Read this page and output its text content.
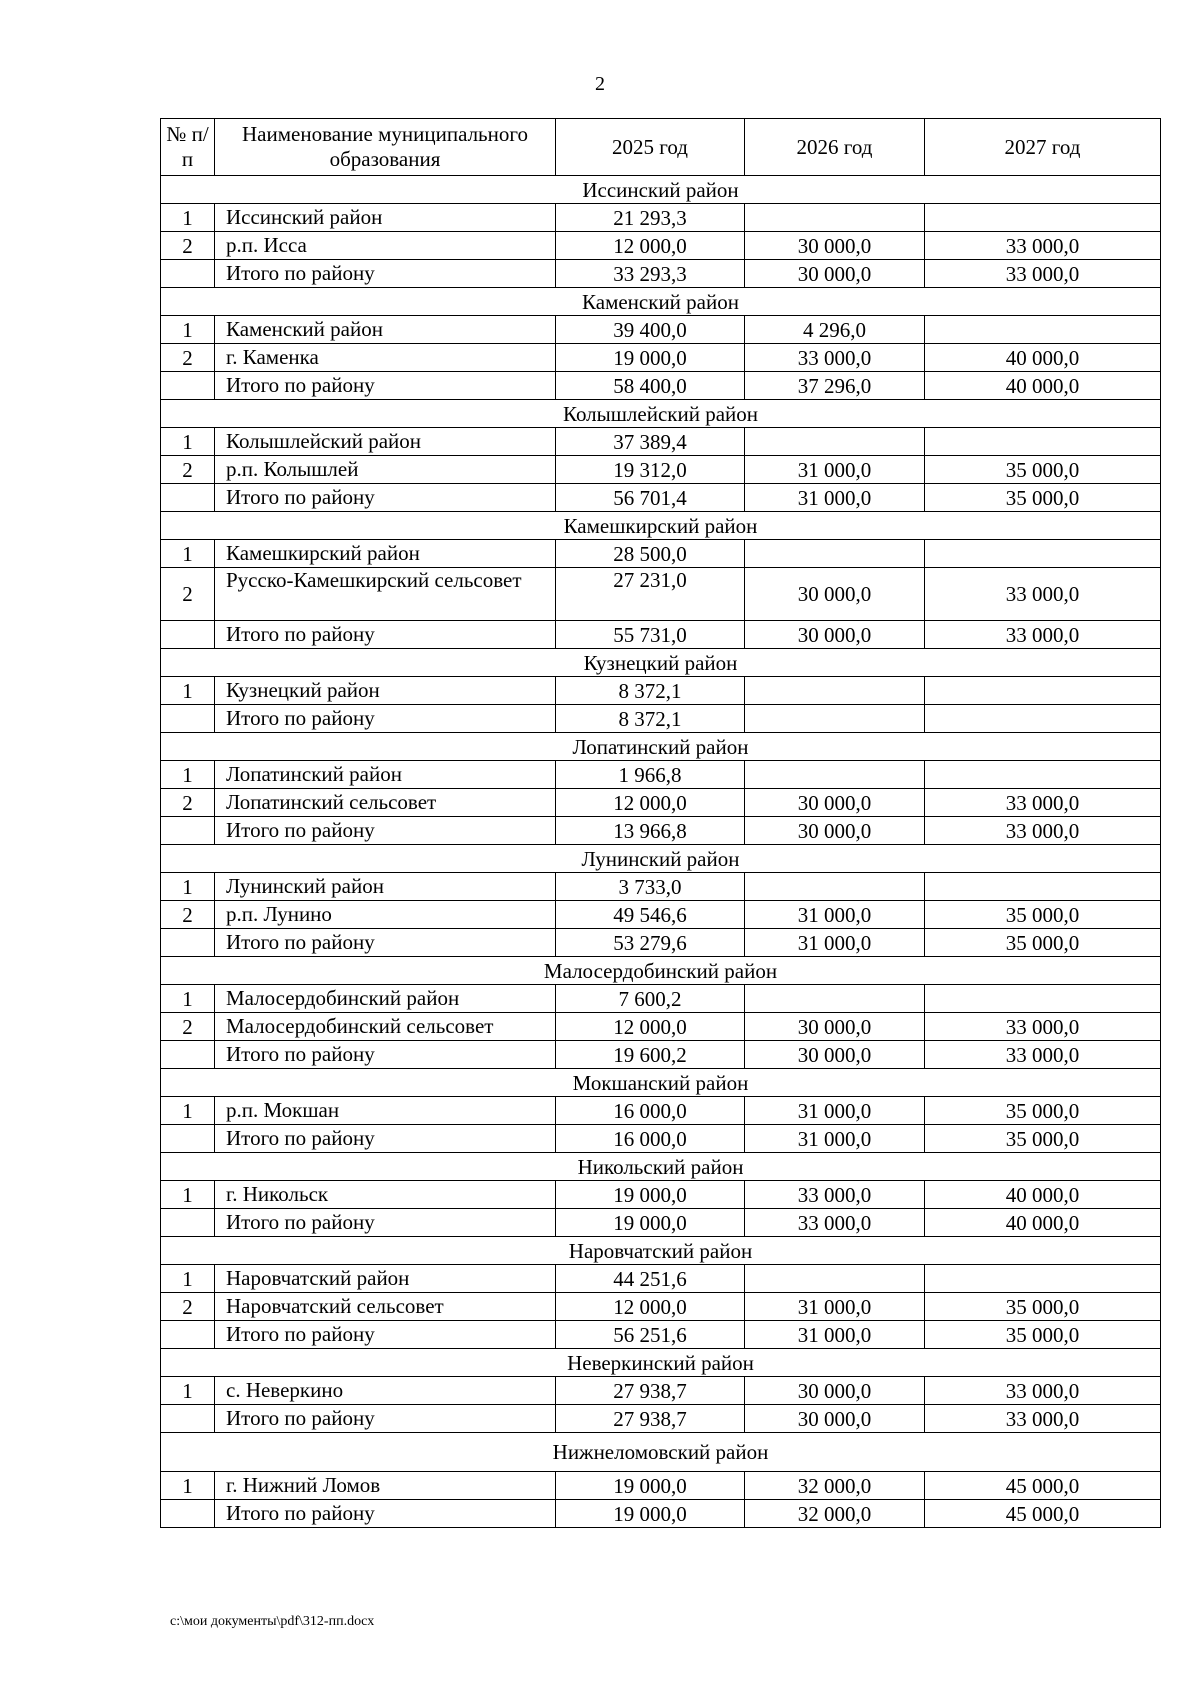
2
№ п/п	Наименование муниципального образования	2025 год	2026 год	2027 год
Иссинский район				
1	Иссинский район	21 293,3		
2	р.п. Исса	12 000,0	30 000,0	33 000,0
	Итого по району	33 293,3	30 000,0	33 000,0
Каменский район				
1	Каменский район	39 400,0	4 296,0	
2	г. Каменка	19 000,0	33 000,0	40 000,0
	Итого по району	58 400,0	37 296,0	40 000,0
Колышлейский район				
1	Колышлейский район	37 389,4		
2	р.п. Колышлей	19 312,0	31 000,0	35 000,0
	Итого по району	56 701,4	31 000,0	35 000,0
Камешкирский район				
1	Камешкирский район	28 500,0		
2	Русско-Камешкирский сельсовет	27 231,0	30 000,0	33 000,0
	Итого по району	55 731,0	30 000,0	33 000,0
Кузнецкий район				
1	Кузнецкий район	8 372,1		
	Итого по району	8 372,1		
Лопатинский район				
1	Лопатинский район	1 966,8		
2	Лопатинский сельсовет	12 000,0	30 000,0	33 000,0
	Итого по району	13 966,8	30 000,0	33 000,0
Лунинский район				
1	Лунинский район	3 733,0		
2	р.п. Лунино	49 546,6	31 000,0	35 000,0
	Итого по району	53 279,6	31 000,0	35 000,0
Малосердобинский район				
1	Малосердобинский район	7 600,2		
2	Малосердобинский сельсовет	12 000,0	30 000,0	33 000,0
	Итого по району	19 600,2	30 000,0	33 000,0
Мокшанский район				
1	р.п. Мокшан	16 000,0	31 000,0	35 000,0
	Итого по району	16 000,0	31 000,0	35 000,0
Никольский район				
1	г. Никольск	19 000,0	33 000,0	40 000,0
	Итого по району	19 000,0	33 000,0	40 000,0
Наровчатский район				
1	Наровчатский район	44 251,6		
2	Наровчатский сельсовет	12 000,0	31 000,0	35 000,0
	Итого по району	56 251,6	31 000,0	35 000,0
Неверкинский район				
1	с. Неверкино	27 938,7	30 000,0	33 000,0
	Итого по району	27 938,7	30 000,0	33 000,0
Нижнеломовский район				
1	г. Нижний Ломов	19 000,0	32 000,0	45 000,0
	Итого по району	19 000,0	32 000,0	45 000,0
c:\мои документы\pdf\312-пп.docx
